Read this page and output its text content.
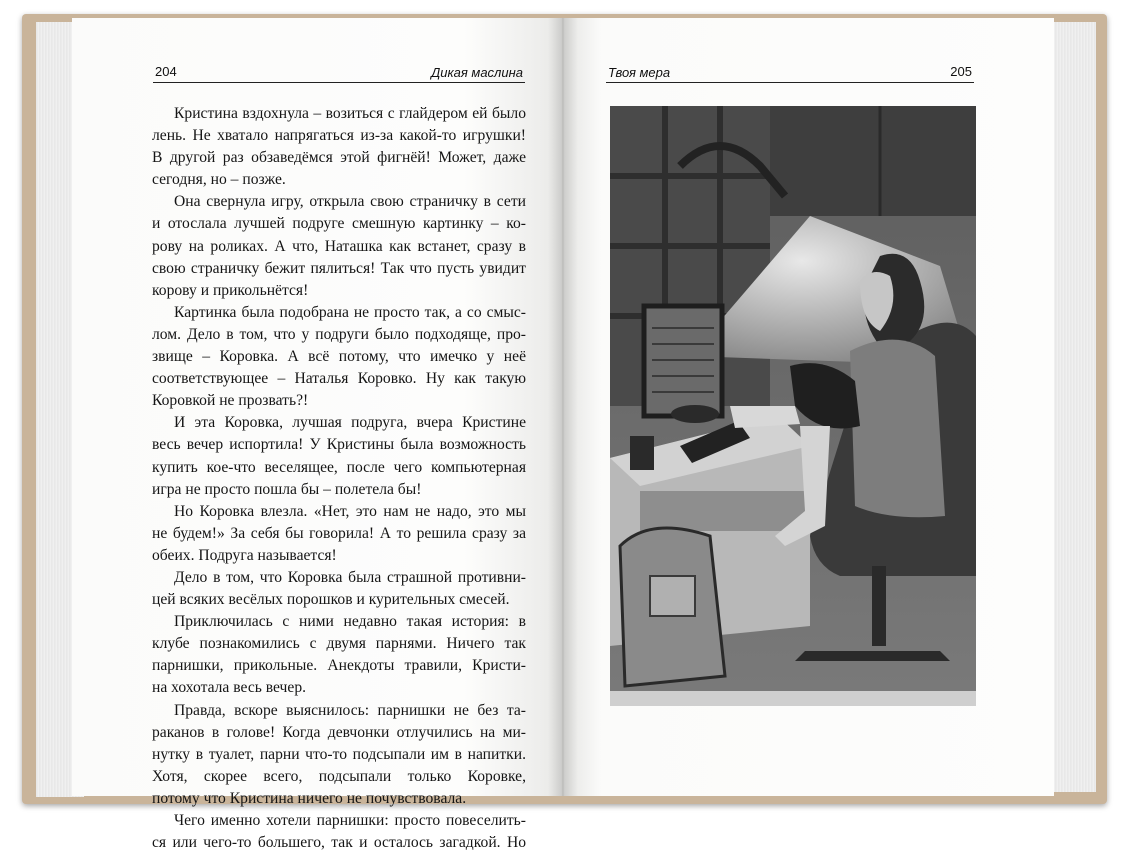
204	Дикая маслина	Твоя мера	205
Кристина вздохнула – возиться с глайдером ей было
лень. Не хватало напрягаться из-за какой-то игрушки!
В другой раз обзаведёмся этой фигнёй! Может, даже
сегодня, но – позже.
Она свернула игру, открыла свою страничку в сети
и отослала лучшей подруге смешную картинку – ко-
рову на роликах. А что, Наташка как встанет, сразу в
свою страничку бежит пялиться! Так что пусть увидит
корову и прикольнётся!
Картинка была подобрана не просто так, а со смыс-
лом. Дело в том, что у подруги было подходяще, про-
звище – Коровка. А всё потому, что имечко у неё
соответствующее – Наталья Коровко. Ну как такую
Коровкой не прозвать?!
И эта Коровка, лучшая подруга, вчера Кристине
весь вечер испортила! У Кристины была возможность
купить кое-что веселящее, после чего компьютерная
игра не просто пошла бы – полетела бы!
Но Коровка влезла. «Нет, это нам не надо, это мы
не будем!» За себя бы говорила! А то решила сразу за
обеих. Подруга называется!
Дело в том, что Коровка была страшной противни-
цей всяких весёлых порошков и курительных смесей.
Приключилась с ними недавно такая история: в
клубе познакомились с двумя парнями. Ничего так
парнишки, прикольные. Анекдоты травили, Кристи-
на хохотала весь вечер.
Правда, вскоре выяснилось: парнишки не без та-
раканов в голове! Когда девчонки отлучились на ми-
нутку в туалет, парни что-то подсыпали им в напитки.
Хотя, скорее всего, подсыпали только Коровке,
потому что Кристина ничего не почувствовала.
Чего именно хотели парнишки: просто повеселить-
ся или чего-то большего, так и осталось загадкой. Но
